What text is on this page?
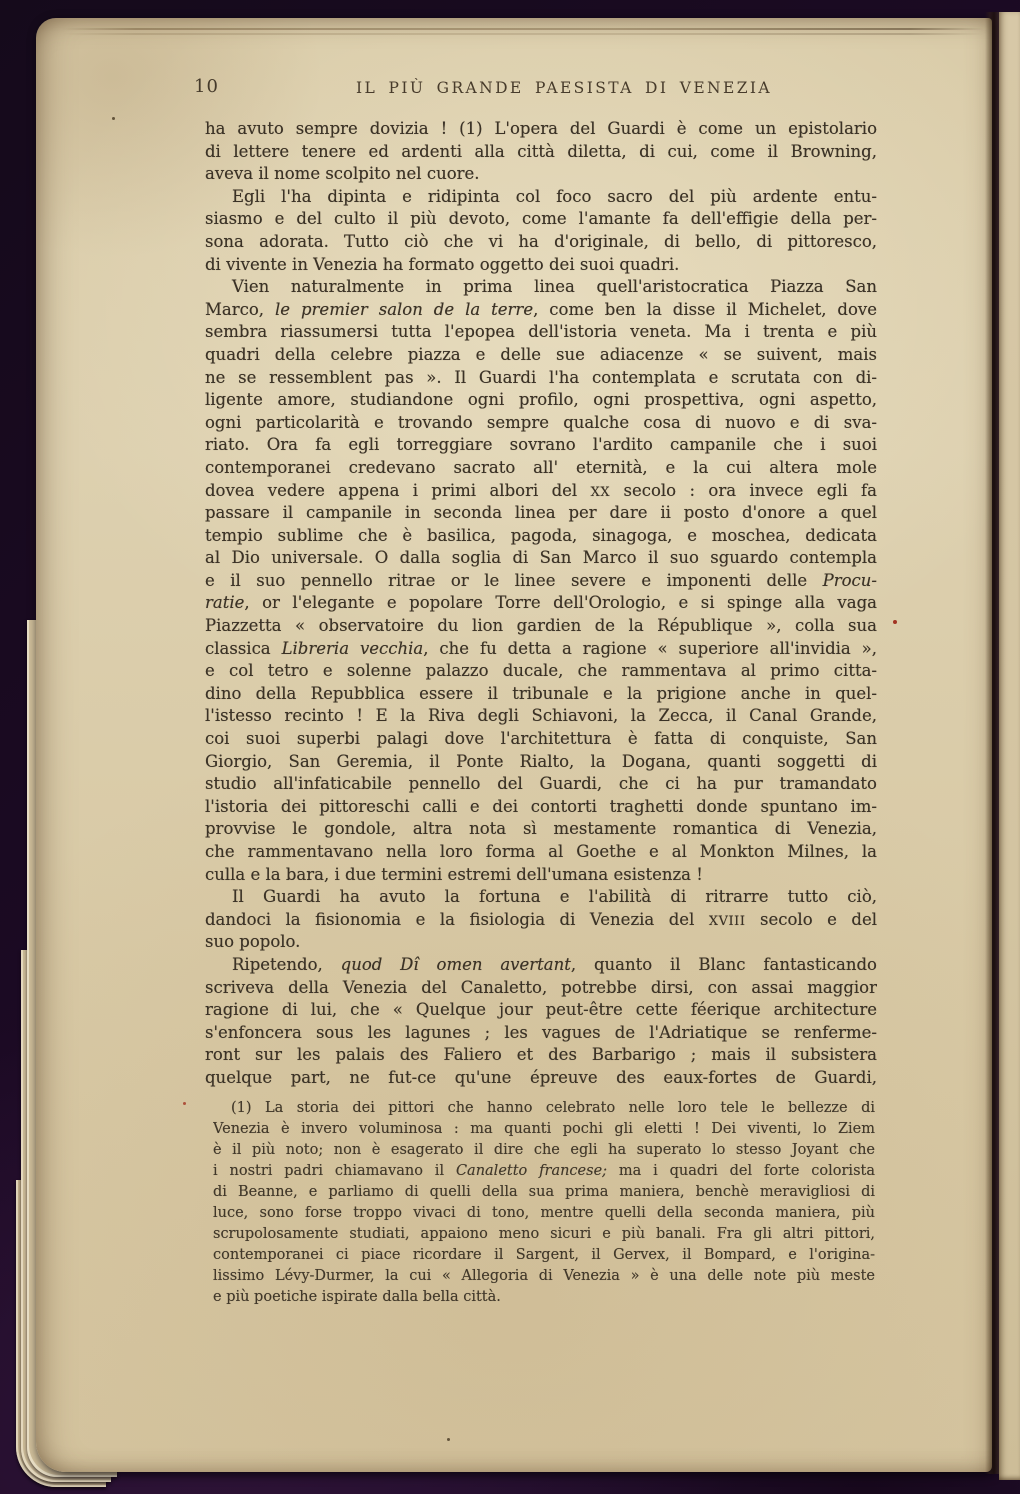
10	IL PIÙ GRANDE PAESISTA DI VENEZIA
ha avuto sempre dovizia ! (1) L'opera del Guardi è come un epistolario
di lettere tenere ed ardenti alla città diletta, di cui, come il Browning,
aveva il nome scolpito nel cuore.
Egli l'ha dipinta e ridipinta col foco sacro del più ardente entu-
siasmo e del culto il più devoto, come l'amante fa dell'effigie della per-
sona adorata. Tutto ciò che vi ha d'originale, di bello, di pittoresco,
di vivente in Venezia ha formato oggetto dei suoi quadri.
Vien naturalmente in prima linea quell'aristocratica Piazza San
Marco, le premier salon de la terre, come ben la disse il Michelet, dove
sembra riassumersi tutta l'epopea dell'istoria veneta. Ma i trenta e più
quadri della celebre piazza e delle sue adiacenze « se suivent, mais
ne se ressemblent pas ». Il Guardi l'ha contemplata e scrutata con di-
ligente amore, studiandone ogni profilo, ogni prospettiva, ogni aspetto,
ogni particolarità e trovando sempre qualche cosa di nuovo e di sva-
riato. Ora fa egli torreggiare sovrano l'ardito campanile che i suoi
contemporanei credevano sacrato all' eternità, e la cui altera mole
dovea vedere appena i primi albori del XX secolo : ora invece egli fa
passare il campanile in seconda linea per dare ii posto d'onore a quel
tempio sublime che è basilica, pagoda, sinagoga, e moschea, dedicata
al Dio universale. O dalla soglia di San Marco il suo sguardo contempla
e il suo pennello ritrae or le linee severe e imponenti delle Procu-
ratie, or l'elegante e popolare Torre dell'Orologio, e si spinge alla vaga
Piazzetta « observatoire du lion gardien de la République », colla sua
classica Libreria vecchia, che fu detta a ragione « superiore all'invidia »,
e col tetro e solenne palazzo ducale, che rammentava al primo citta-
dino della Repubblica essere il tribunale e la prigione anche in quel-
l'istesso recinto ! E la Riva degli Schiavoni, la Zecca, il Canal Grande,
coi suoi superbi palagi dove l'architettura è fatta di conquiste, San
Giorgio, San Geremia, il Ponte Rialto, la Dogana, quanti soggetti di
studio all'infaticabile pennello del Guardi, che ci ha pur tramandato
l'istoria dei pittoreschi calli e dei contorti traghetti donde spuntano im-
provvise le gondole, altra nota sì mestamente romantica di Venezia,
che rammentavano nella loro forma al Goethe e al Monkton Milnes, la
culla e la bara, i due termini estremi dell'umana esistenza !
Il Guardi ha avuto la fortuna e l'abilità di ritrarre tutto ciò,
dandoci la fisionomia e la fisiologia di Venezia del XVIII secolo e del
suo popolo.
Ripetendo, quod Dî omen avertant, quanto il Blanc fantasticando
scriveva della Venezia del Canaletto, potrebbe dirsi, con assai maggior
ragione di lui, che « Quelque jour peut-être cette féerique architecture
s'enfoncera sous les lagunes ; les vagues de l'Adriatique se renferme-
ront sur les palais des Faliero et des Barbarigo ; mais il subsistera
quelque part, ne fut-ce qu'une épreuve des eaux-fortes de Guardi,
(1) La storia dei pittori che hanno celebrato nelle loro tele le bellezze di
Venezia è invero voluminosa : ma quanti pochi gli eletti ! Dei viventi, lo Ziem
è il più noto; non è esagerato il dire che egli ha superato lo stesso Joyant che
i nostri padri chiamavano il Canaletto francese; ma i quadri del forte colorista
di Beanne, e parliamo di quelli della sua prima maniera, benchè meravigliosi di
luce, sono forse troppo vivaci di tono, mentre quelli della seconda maniera, più
scrupolosamente studiati, appaiono meno sicuri e più banali. Fra gli altri pittori,
contemporanei ci piace ricordare il Sargent, il Gervex, il Bompard, e l'origina-
lissimo Lévy-Durmer, la cui « Allegoria di Venezia » è una delle note più meste
e più poetiche ispirate dalla bella città.
